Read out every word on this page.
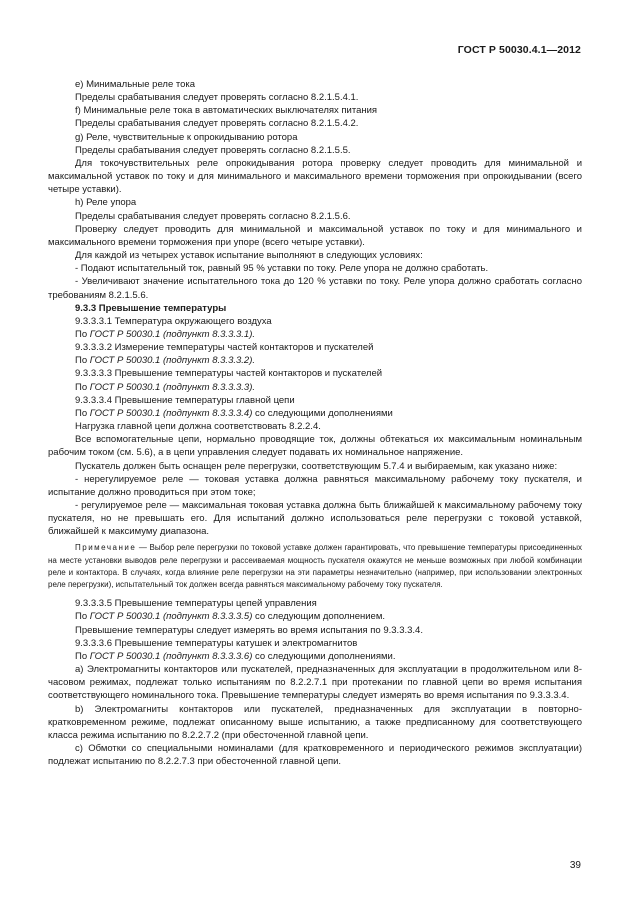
ГОСТ Р 50030.4.1—2012

е) Минимальные реле тока

Пределы срабатывания следует проверять согласно 8.2.1.5.4.1.

f) Минимальные реле тока в автоматических выключателях питания

Пределы срабатывания следует проверять согласно 8.2.1.5.4.2.

g) Реле, чувствительные к опрокидыванию ротора

Пределы срабатывания следует проверять согласно 8.2.1.5.5.

Для токочувствительных реле опрокидывания ротора проверку следует проводить для минимальной и максимальной уставок по току и для минимального и максимального времени торможения при опрокидывании (всего четыре уставки).

h) Реле упора

Пределы срабатывания следует проверять согласно 8.2.1.5.6.

Проверку следует проводить для минимальной и максимальной уставок по току и для минимального и максимального времени торможения при упоре (всего четыре уставки).

Для каждой из четырех уставок испытание выполняют в следующих условиях:

- Подают испытательный ток, равный 95 % уставки по току. Реле упора не должно сработать.

- Увеличивают значение испытательного тока до 120 % уставки по току. Реле упора должно сработать согласно требованиям 8.2.1.5.6.

9.3.3 Превышение температуры

9.3.3.3.1 Температура окружающего воздуха

По ГОСТ Р 50030.1 (подпункт 8.3.3.3.1).

9.3.3.3.2 Измерение температуры частей контакторов и пускателей

По ГОСТ Р 50030.1 (подпункт 8.3.3.3.2).

9.3.3.3.3 Превышение температуры частей контакторов и пускателей

По ГОСТ Р 50030.1 (подпункт 8.3.3.3.3).

9.3.3.3.4 Превышение температуры главной цепи

По ГОСТ Р 50030.1 (подпункт 8.3.3.3.4) со следующими дополнениями

Нагрузка главной цепи должна соответствовать 8.2.2.4.

Все вспомогательные цепи, нормально проводящие ток, должны обтекаться их максимальным номинальным рабочим током (см. 5.6), а в цепи управления следует подавать их номинальное напряжение.

Пускатель должен быть оснащен реле перегрузки, соответствующим 5.7.4 и выбираемым, как указано ниже:

- нерегулируемое реле — токовая уставка должна равняться максимальному рабочему току пускателя, и испытание должно проводиться при этом токе;

- регулируемое реле — максимальная токовая уставка должна быть ближайшей к максимальному рабочему току пускателя, но не превышать его. Для испытаний должно использоваться реле перегрузки с токовой уставкой, ближайшей к максимуму диапазона.

Примечание — Выбор реле перегрузки по токовой уставке должен гарантировать, что превышение температуры присоединенных на месте установки выводов реле перегрузки и рассеиваемая мощность пускателя окажутся не меньше возможных при любой комбинации реле и контактора. В случаях, когда влияние реле перегрузки на эти параметры незначительно (например, при использовании электронных реле перегрузки), испытательный ток должен всегда равняться максимальному рабочему току пускателя.

9.3.3.3.5 Превышение температуры цепей управления

По ГОСТ Р 50030.1 (подпункт 8.3.3.3.5) со следующим дополнением.

Превышение температуры следует измерять во время испытания по 9.3.3.3.4.

9.3.3.3.6 Превышение температуры катушек и электромагнитов

По ГОСТ Р 50030.1 (подпункт 8.3.3.3.6) со следующими дополнениями.

a) Электромагниты контакторов или пускателей, предназначенных для эксплуатации в продолжительном или 8-часовом режимах, подлежат только испытаниям по 8.2.2.7.1 при протекании по главной цепи во время испытания соответствующего номинального тока. Превышение температуры следует измерять во время испытания по 9.3.3.3.4.

b) Электромагниты контакторов или пускателей, предназначенных для эксплуатации в повторно-кратковременном режиме, подлежат описанному выше испытанию, а также предписанному для соответствующего класса режима испытанию по 8.2.2.7.2 (при обесточенной главной цепи.

c) Обмотки со специальными номиналами (для кратковременного и периодического режимов эксплуатации) подлежат испытанию по 8.2.2.7.3 при обесточенной главной цепи.

39
